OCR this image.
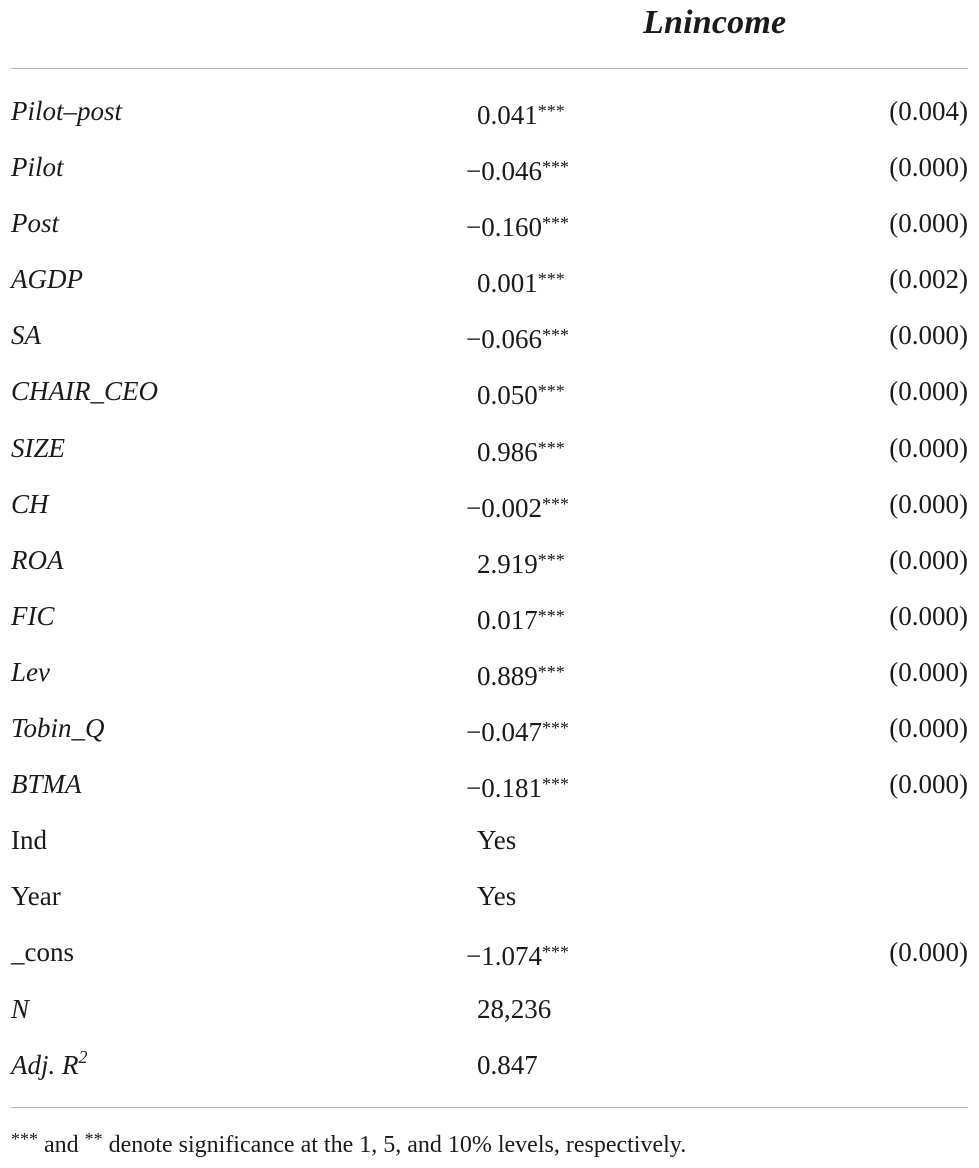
Lnincome
Pilot–post	0.041***	(0.004)
Pilot	−0.046***	(0.000)
Post	−0.160***	(0.000)
AGDP	0.001***	(0.002)
SA	−0.066***	(0.000)
CHAIR_CEO	0.050***	(0.000)
SIZE	0.986***	(0.000)
CH	−0.002***	(0.000)
ROA	2.919***	(0.000)
FIC	0.017***	(0.000)
Lev	0.889***	(0.000)
Tobin_Q	−0.047***	(0.000)
BTMA	−0.181***	(0.000)
Ind	Yes
Year	Yes
_cons	−1.074***	(0.000)
N	28,236
Adj. $R^2$	0.847
*** and ** denote significance at the 1, 5, and 10% levels, respectively.
